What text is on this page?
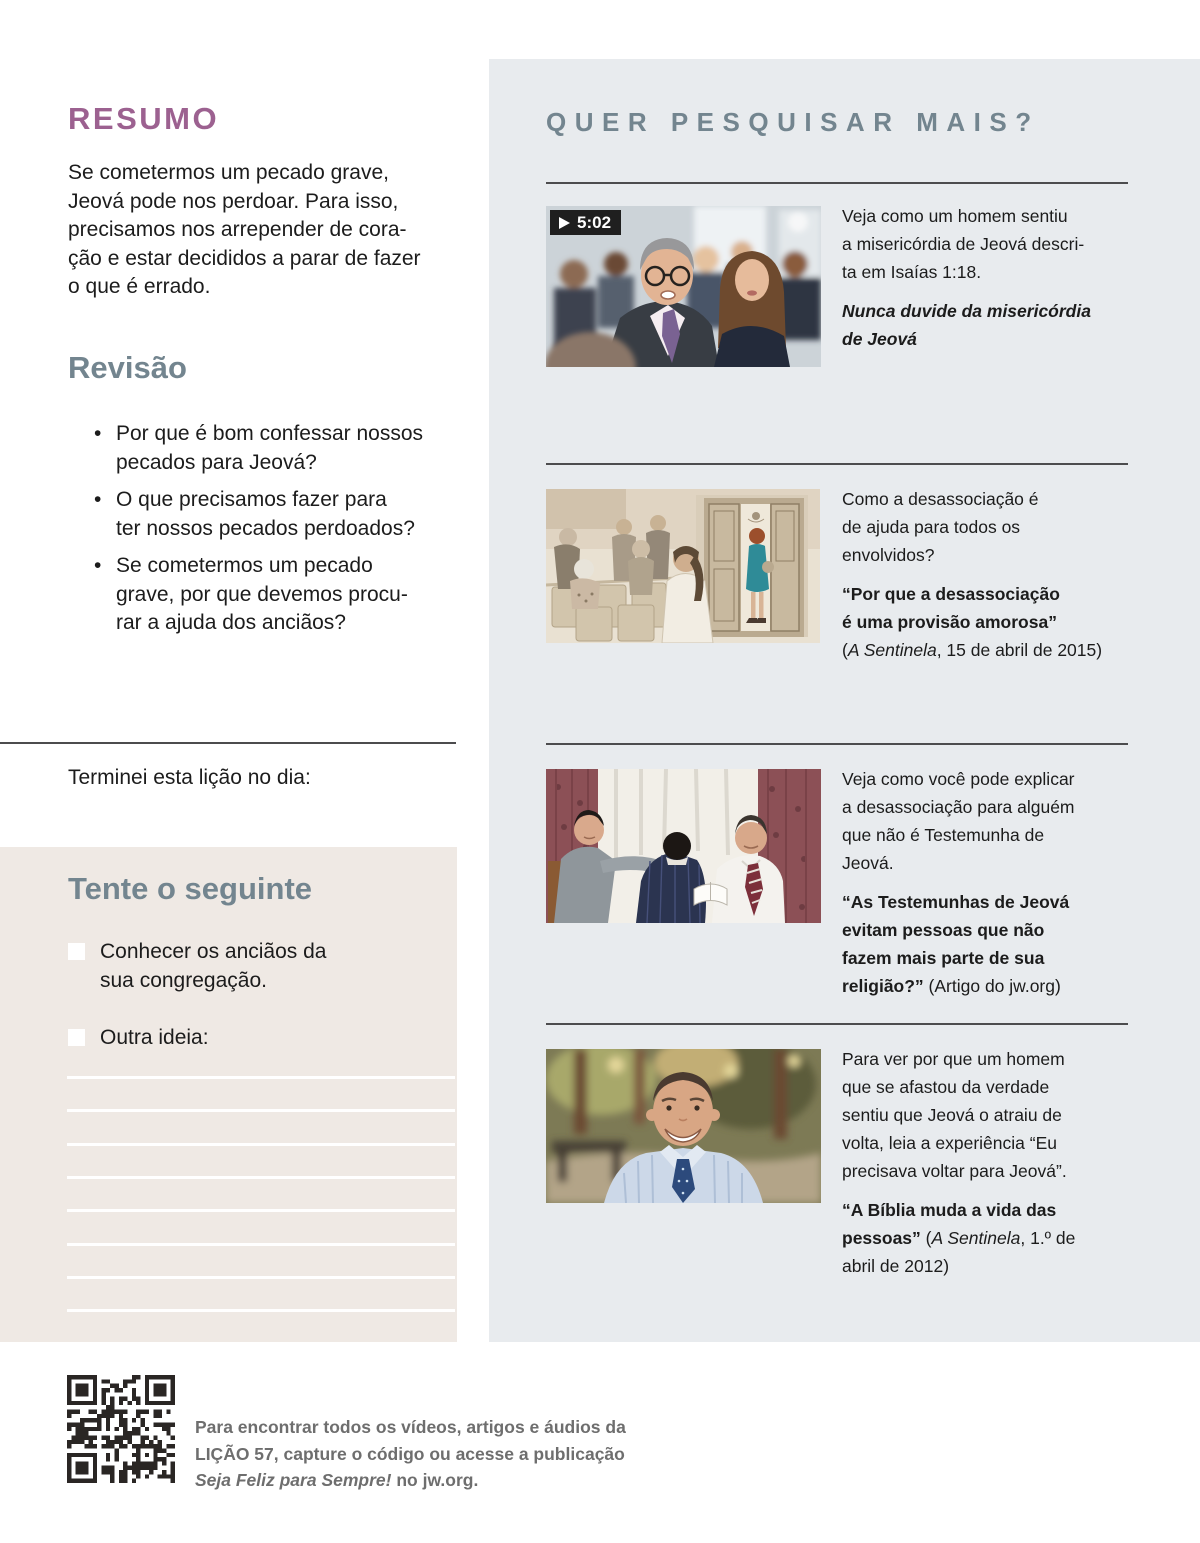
RESUMO
Se cometermos um pecado grave,
Jeová pode nos perdoar. Para isso,
precisamos nos arrepender de cora-
ção e estar decididos a parar de fazer
o que é errado.
Revisão
• Por que é bom confessar nossos
pecados para Jeová?
• O que precisamos fazer para
ter nossos pecados perdoados?
• Se cometermos um pecado
grave, por que devemos procu-
rar a ajuda dos anciãos?
Terminei esta lição no dia:
Tente o seguinte
Conhecer os anciãos da
sua congregação.
Outra ideia:
QUER PESQUISAR MAIS?
5:02	Veja como um homem sentiu
a misericórdia de Jeová descri-
ta em Isaías 1:18.
Nunca duvide da misericórdia
de Jeová
Como a desassociação é
de ajuda para todos os
envolvidos?
“Por que a desassociação
é uma provisão amorosa”
(A Sentinela, 15 de abril de 2015)
Veja como você pode explicar
a desassociação para alguém
que não é Testemunha de
Jeová.
“As Testemunhas de Jeová
evitam pessoas que não
fazem mais parte de sua
religião?” (Artigo do jw.org)
Para ver por que um homem
que se afastou da verdade
sentiu que Jeová o atraiu de
volta, leia a experiência “Eu
precisava voltar para Jeová”.
“A Bíblia muda a vida das
pessoas” (A Sentinela, 1.º de
abril de 2012)
Para encontrar todos os vídeos, artigos e áudios da
LIÇÃO 57, capture o código ou acesse a publicação
Seja Feliz para Sempre! no jw.org.
